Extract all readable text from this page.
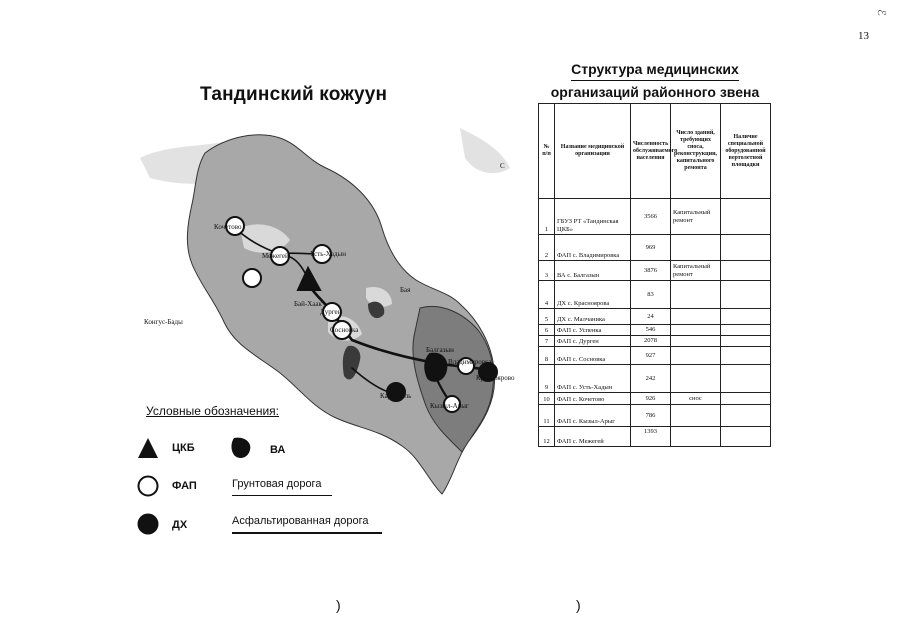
13
ℰ
Тандинский кожуун
Кочетово
Межегей	Усть-Хадын
Бай-Хаак
Дурген
Сосновка
Балгазын
Владимировка
Красноярово
Кызыл-Арыг
Кара-Холь
Конгус-Бады
Бая
С
Условные обозначения:
ЦКБ	ВА
ФАП	Грунтовая дорога
ДХ	Асфальтированная дорога
Структура медицинских
организаций районного звена
№ п/п	Название медицинской организации	Численность обслуживаемого населения	Число зданий, требующих сноса, реконструкции, капитального ремонта	Наличие специальной оборудованной вертолетной площадки
1	ГБУЗ РТ «Тандинская ЦКБ»	3566	Капитальный ремонт	
2	ФАП с. Владимировка	969		
3	ВА с. Балгазын	3876	Капитальный ремонт	
4	ДХ с. Красноярова	83		
5	ДХ с. Малчаника	24		
6	ФАП с. Успенка	546		
7	ФАП с. Дурген	2078		
8	ФАП с. Сосновка	927		
9	ФАП с. Усть-Хадын	242		
10	ФАП с. Кочетово	926	снос	
11	ФАП с. Кызыл-Арыг	786		
12	ФАП с. Межегей	1393		
)	)
